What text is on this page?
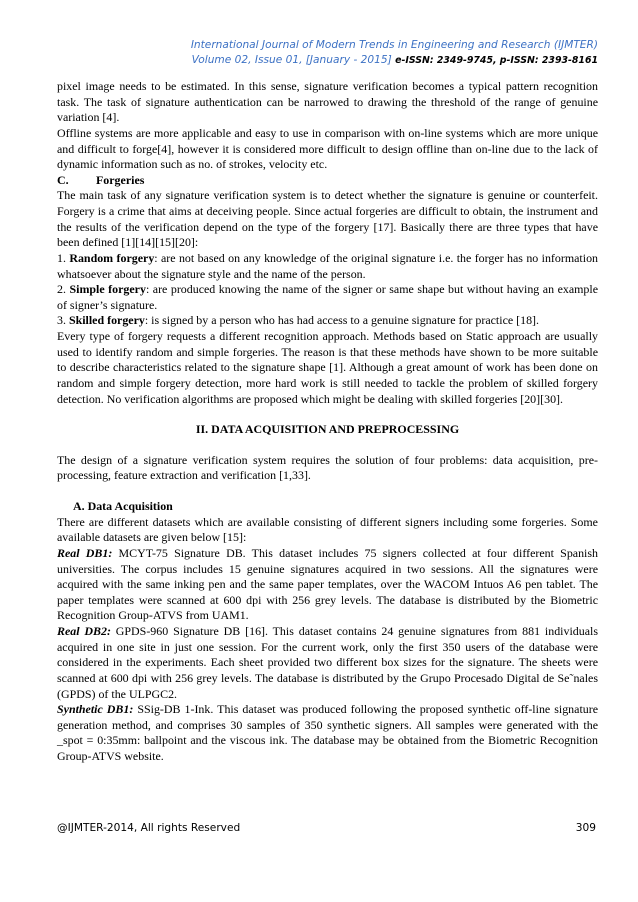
International Journal of Modern Trends in Engineering and Research (IJMTER)
Volume 02, Issue 01, [January - 2015] e-ISSN: 2349-9745, p-ISSN: 2393-8161

pixel image needs to be estimated. In this sense, signature verification becomes a typical pattern recognition task. The task of signature authentication can be narrowed to drawing the threshold of the range of genuine variation [4].

Offline systems are more applicable and easy to use in comparison with on-line systems which are more unique and difficult to forge[4], however it is considered more difficult to design offline than on-line due to the lack of dynamic information such as no. of strokes, velocity etc.

C. Forgeries

The main task of any signature verification system is to detect whether the signature is genuine or counterfeit. Forgery is a crime that aims at deceiving people. Since actual forgeries are difficult to obtain, the instrument and the results of the verification depend on the type of the forgery [17]. Basically there are three types that have been defined [1][14][15][20]:

1. Random forgery: are not based on any knowledge of the original signature i.e. the forger has no information whatsoever about the signature style and the name of the person.

2. Simple forgery: are produced knowing the name of the signer or same shape but without having an example of signer’s signature.

3. Skilled forgery: is signed by a person who has had access to a genuine signature for practice [18].

Every type of forgery requests a different recognition approach. Methods based on Static approach are usually used to identify random and simple forgeries. The reason is that these methods have shown to be more suitable to describe characteristics related to the signature shape [1]. Although a great amount of work has been done on random and simple forgery detection, more hard work is still needed to tackle the problem of skilled forgery detection. No verification algorithms are proposed which might be dealing with skilled forgeries [20][30].

II. DATA ACQUISITION AND PREPROCESSING

The design of a signature verification system requires the solution of four problems: data acquisition, pre-processing, feature extraction and verification [1,33].

A. Data Acquisition

There are different datasets which are available consisting of different signers including some forgeries. Some available datasets are given below [15]:

Real DB1: MCYT-75 Signature DB. This dataset includes 75 signers collected at four different Spanish universities. The corpus includes 15 genuine signatures acquired in two sessions. All the signatures were acquired with the same inking pen and the same paper templates, over the WACOM Intuos A6 pen tablet. The paper templates were scanned at 600 dpi with 256 grey levels. The database is distributed by the Biometric Recognition Group-ATVS from UAM1.

Real DB2: GPDS-960 Signature DB [16]. This dataset contains 24 genuine signatures from 881 individuals acquired in one site in just one session. For the current work, only the first 350 users of the database were considered in the experiments. Each sheet provided two different box sizes for the signature. The sheets were scanned at 600 dpi with 256 grey levels. The database is distributed by the Grupo Procesado Digital de Se˜nales (GPDS) of the ULPGC2.

Synthetic DB1: SSig-DB 1-Ink. This dataset was produced following the proposed synthetic off-line signature generation method, and comprises 30 samples of 350 synthetic signers. All samples were generated with the _spot = 0:35mm: ballpoint and the viscous ink. The database may be obtained from the Biometric Recognition Group-ATVS website.

@IJMTER-2014, All rights Reserved	309
